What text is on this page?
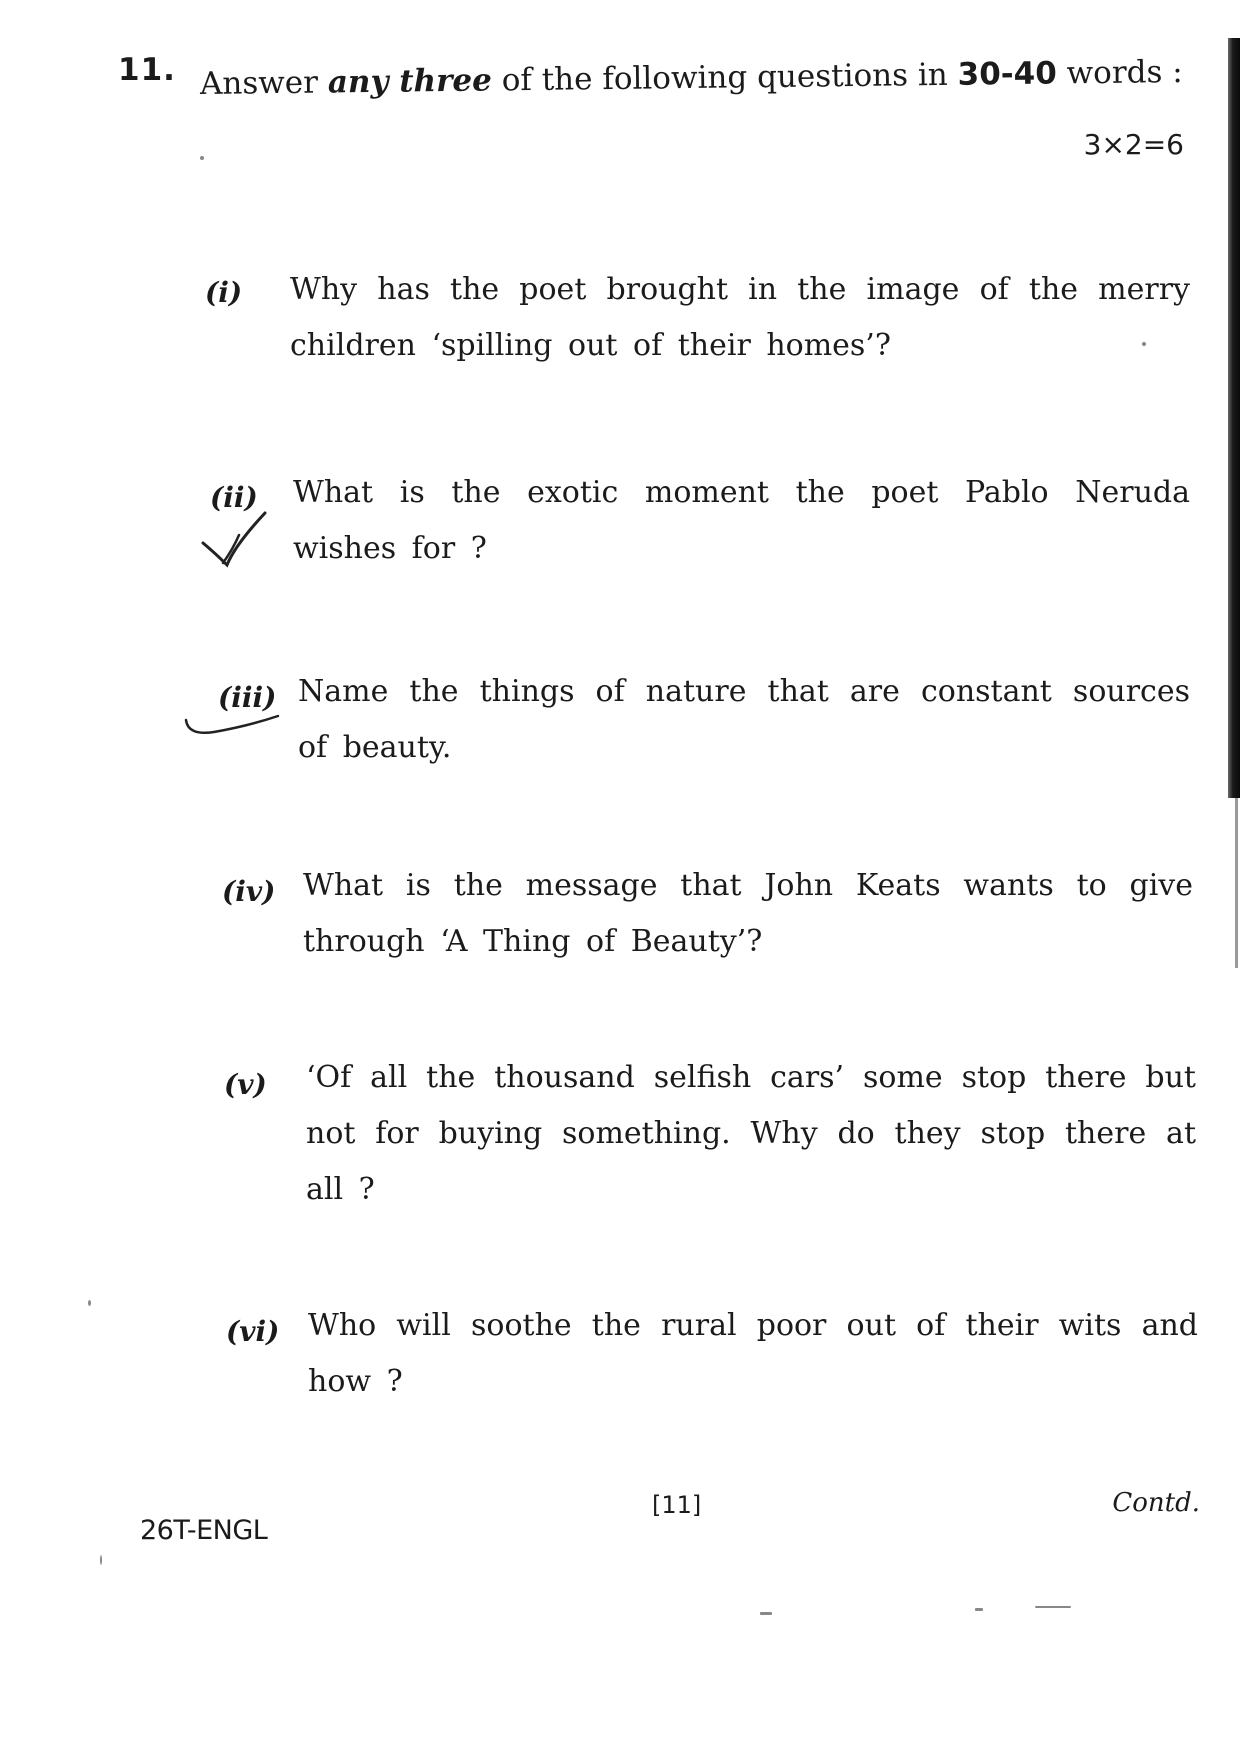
11. Answer any three of the following questions in 30-40 words :
3×2=6
(i) Why has the poet brought in the image of the merry children ‘spilling out of their homes’?
(ii) What is the exotic moment the poet Pablo Neruda wishes for ?
(iii) Name the things of nature that are constant sources of beauty.
(iv) What is the message that John Keats wants to give through ‘A Thing of Beauty’?
(v) ‘Of all the thousand selfish cars’ some stop there but not for buying something. Why do they stop there at all ?
(vi) Who will soothe the rural poor out of their wits and how ?
26T-ENGL
[11]	Contd.
